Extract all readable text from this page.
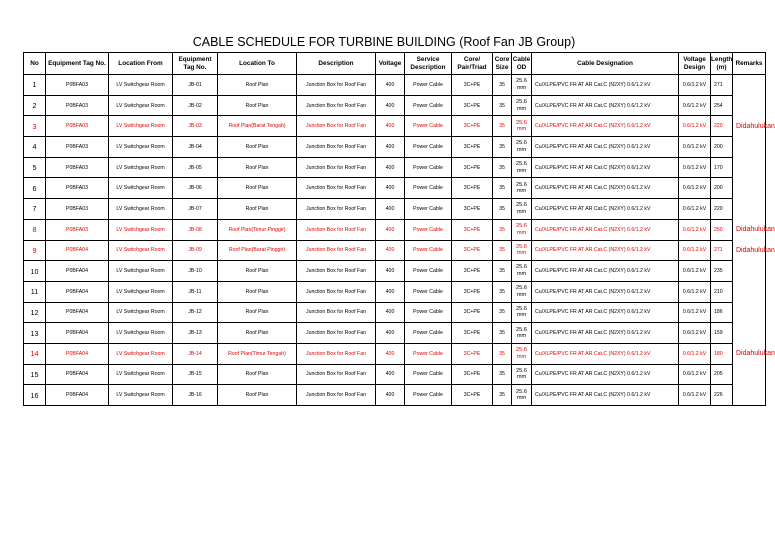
CABLE SCHEDULE FOR TURBINE BUILDING (Roof Fan JB Group)
No	Equipment Tag No.	Location From	Equipment Tag No.	Location To	Description	Voltage	Service Description	Core/ Pair/Triad	Core Size	Cable OD	Cable Designation	Voltage Design	Length (m)	Remarks
1	P0BFA03	LV Switchgear Room	JB-01	Roof Plan	Junction Box for Roof Fan	400	Power Cable	3C+PE	35	25.6 mm	Cu/XLPE/PVC FR AT AR Cat.C (N2XY) 0.6/1.2 kV	0.6/1.2 kV	271	
2	P0BFA03	LV Switchgear Room	JB-02	Roof Plan	Junction Box for Roof Fan	400	Power Cable	3C+PE	35	25.6 mm	Cu/XLPE/PVC FR AT AR Cat.C (N2XY) 0.6/1.2 kV	0.6/1.2 kV	254	
3	P0BFA03	LV Switchgear Room	JB-03	Roof Plan(Barat Tengah)	Junction Box for Roof Fan	400	Power Cable	3C+PE	35	25.6 mm	Cu/XLPE/PVC FR AT AR Cat.C (N2XY) 0.6/1.2 kV	0.6/1.2 kV	220	Didahulukan
4	P0BFA03	LV Switchgear Room	JB-04	Roof Plan	Junction Box for Roof Fan	400	Power Cable	3C+PE	35	25.6 mm	Cu/XLPE/PVC FR AT AR Cat.C (N2XY) 0.6/1.2 kV	0.6/1.2 kV	200	
5	P0BFA03	LV Switchgear Room	JB-05	Roof Plan	Junction Box for Roof Fan	400	Power Cable	3C+PE	35	25.6 mm	Cu/XLPE/PVC FR AT AR Cat.C (N2XY) 0.6/1.2 kV	0.6/1.2 kV	170	
6	P0BFA03	LV Switchgear Room	JB-06	Roof Plan	Junction Box for Roof Fan	400	Power Cable	3C+PE	35	25.6 mm	Cu/XLPE/PVC FR AT AR Cat.C (N2XY) 0.6/1.2 kV	0.6/1.2 kV	200	
7	P0BFA03	LV Switchgear Room	JB-07	Roof Plan	Junction Box for Roof Fan	400	Power Cable	3C+PE	35	25.6 mm	Cu/XLPE/PVC FR AT AR Cat.C (N2XY) 0.6/1.2 kV	0.6/1.2 kV	220	
8	P0BFA03	LV Switchgear Room	JB-08	Roof Plan(Timur Pinggir)	Junction Box for Roof Fan	400	Power Cable	3C+PE	35	25.6 mm	Cu/XLPE/PVC FR AT AR Cat.C (N2XY) 0.6/1.2 kV	0.6/1.2 kV	250	Didahulukan
9	P0BFA04	LV Switchgear Room	JB-09	Roof Plan(Barat Pinggir)	Junction Box for Roof Fan	400	Power Cable	3C+PE	35	25.6 mm	Cu/XLPE/PVC FR AT AR Cat.C (N2XY) 0.6/1.2 kV	0.6/1.2 kV	271	Didahulukan
10	P0BFA04	LV Switchgear Room	JB-10	Roof Plan	Junction Box for Roof Fan	400	Power Cable	3C+PE	35	25.6 mm	Cu/XLPE/PVC FR AT AR Cat.C (N2XY) 0.6/1.2 kV	0.6/1.2 kV	235	
11	P0BFA04	LV Switchgear Room	JB-11	Roof Plan	Junction Box for Roof Fan	400	Power Cable	3C+PE	35	25.6 mm	Cu/XLPE/PVC FR AT AR Cat.C (N2XY) 0.6/1.2 kV	0.6/1.2 kV	210	
12	P0BFA04	LV Switchgear Room	JB-12	Roof Plan	Junction Box for Roof Fan	400	Power Cable	3C+PE	35	25.6 mm	Cu/XLPE/PVC FR AT AR Cat.C (N2XY) 0.6/1.2 kV	0.6/1.2 kV	186	
13	P0BFA04	LV Switchgear Room	JB-13	Roof Plan	Junction Box for Roof Fan	400	Power Cable	3C+PE	35	25.6 mm	Cu/XLPE/PVC FR AT AR Cat.C (N2XY) 0.6/1.2 kV	0.6/1.2 kV	159	
14	P0BFA04	LV Switchgear Room	JB-14	Roof Plan(Timur Tengah)	Junction Box for Roof Fan	400	Power Cable	3C+PE	35	25.6 mm	Cu/XLPE/PVC FR AT AR Cat.C (N2XY) 0.6/1.2 kV	0.6/1.2 kV	180	Didahulukan
15	P0BFA04	LV Switchgear Room	JB-15	Roof Plan	Junction Box for Roof Fan	400	Power Cable	3C+PE	35	25.6 mm	Cu/XLPE/PVC FR AT AR Cat.C (N2XY) 0.6/1.2 kV	0.6/1.2 kV	205	
16	P0BFA04	LV Switchgear Room	JB-16	Roof Plan	Junction Box for Roof Fan	400	Power Cable	3C+PE	35	25.6 mm	Cu/XLPE/PVC FR AT AR Cat.C (N2XY) 0.6/1.2 kV	0.6/1.2 kV	226	
